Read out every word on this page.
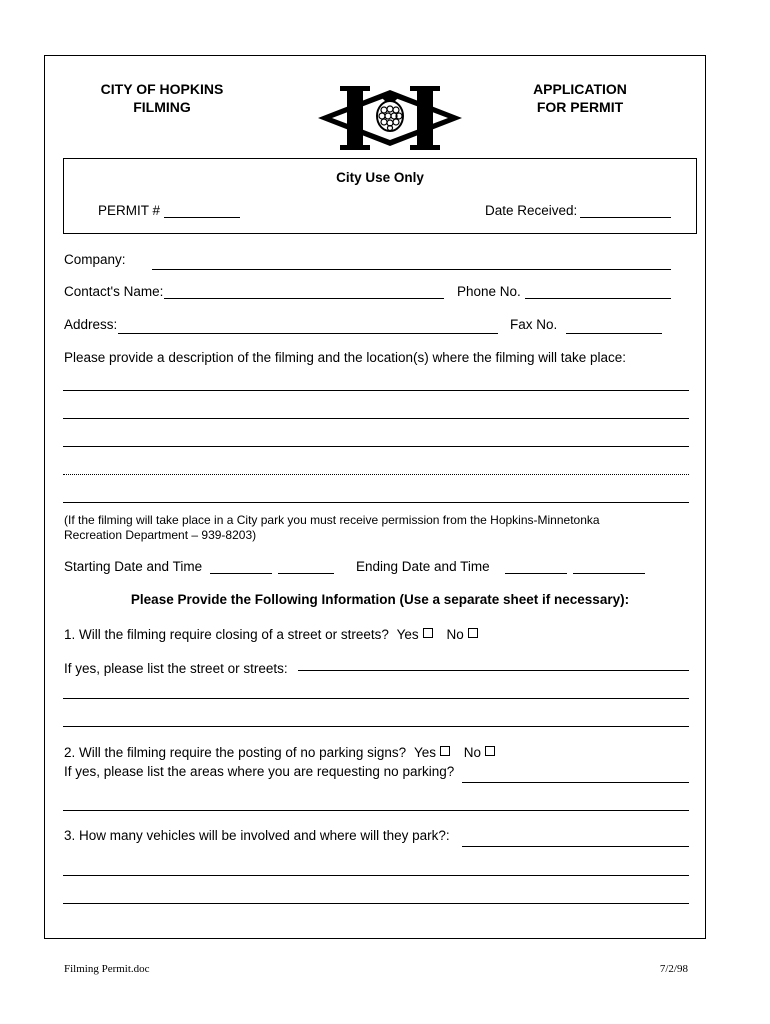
CITY OF HOPKINS
FILMING
APPLICATION
FOR PERMIT
City Use Only
PERMIT #	Date Received:
Company:
Contact's Name:	Phone No.
Address:	Fax No.
Please provide a description of the filming and the location(s) where the filming will take place:
(If the filming will take place in a City park you must receive permission from the Hopkins-Minnetonka Recreation Department – 939-8203)
Starting Date and Time	Ending Date and Time
Please Provide the Following Information (Use a separate sheet if necessary):
1. Will the filming require closing of a street or streets? Yes No
If yes, please list the street or streets:
2. Will the filming require the posting of no parking signs? Yes No
If yes, please list the areas where you are requesting no parking?
3. How many vehicles will be involved and where will they park?:
Filming Permit.doc	7/2/98
